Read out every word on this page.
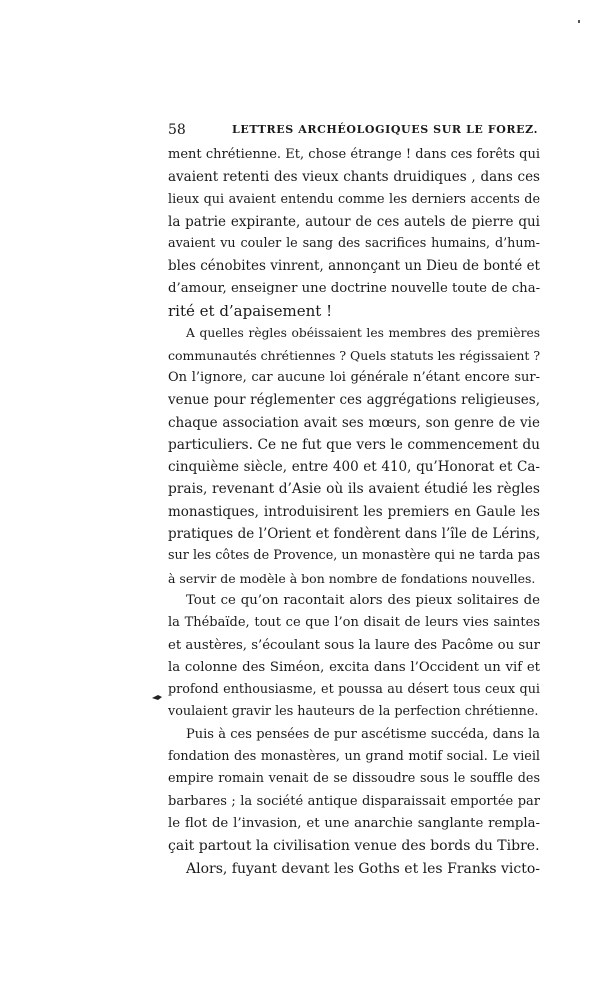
58	LETTRES ARCHÉOLOGIQUES SUR LE FOREZ.
ment chrétienne. Et, chose étrange ! dans ces forêts qui
avaient retenti des vieux chants druidiques , dans ces
lieux qui avaient entendu comme les derniers accents de
la patrie expirante, autour de ces autels de pierre qui
avaient vu couler le sang des sacrifices humains, d’hum-
bles cénobites vinrent, annonçant un Dieu de bonté et
d’amour, enseigner une doctrine nouvelle toute de cha-
rité et d’apaisement !
A quelles règles obéissaient les membres des premières
communautés chrétiennes ? Quels statuts les régissaient ?
On l’ignore, car aucune loi générale n’étant encore sur-
venue pour réglementer ces aggrégations religieuses,
chaque association avait ses mœurs, son genre de vie
particuliers. Ce ne fut que vers le commencement du
cinquième siècle, entre 400 et 410, qu’Honorat et Ca-
prais, revenant d’Asie où ils avaient étudié les règles
monastiques, introduisirent les premiers en Gaule les
pratiques de l’Orient et fondèrent dans l’île de Lérins,
sur les côtes de Provence, un monastère qui ne tarda pas
à servir de modèle à bon nombre de fondations nouvelles.
Tout ce qu’on racontait alors des pieux solitaires de
la Thébaïde, tout ce que l’on disait de leurs vies saintes
et austères, s’écoulant sous la laure des Pacôme ou sur
la colonne des Siméon, excita dans l’Occident un vif et
profond enthousiasme, et poussa au désert tous ceux qui
voulaient gravir les hauteurs de la perfection chrétienne.
Puis à ces pensées de pur ascétisme succéda, dans la
fondation des monastères, un grand motif social. Le vieil
empire romain venait de se dissoudre sous le souffle des
barbares ; la société antique disparaissait emportée par
le flot de l’invasion, et une anarchie sanglante rempla-
çait partout la civilisation venue des bords du Tibre.
Alors, fuyant devant les Goths et les Franks victo-
